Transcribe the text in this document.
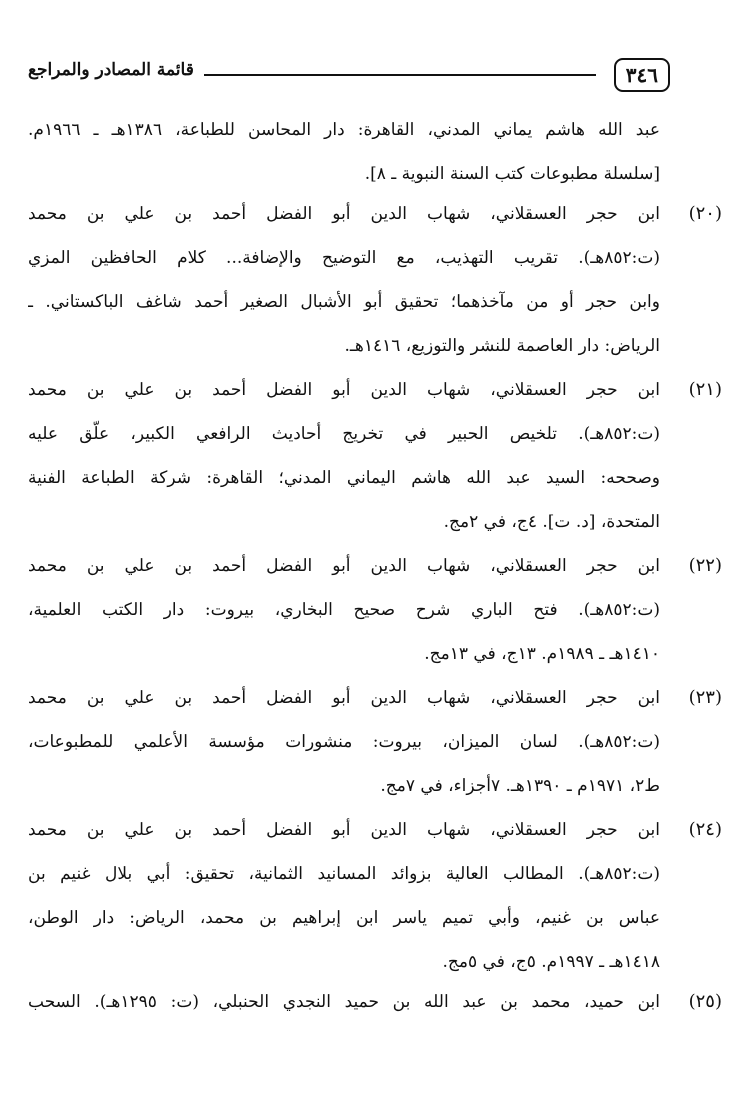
٣٤٦
قائمة المصادر والمراجع
عبد الله هاشم يماني المدني، القاهرة: دار المحاسن للطباعة، ١٣٨٦هـ ـ ١٩٦٦م.
[سلسلة مطبوعات كتب السنة النبوية ـ ٨].
(٢٠)
ابن حجر العسقلاني، شهاب الدين أبو الفضل أحمد بن علي بن محمد
(ت:٨٥٢هـ). تقريب التهذيب، مع التوضيح والإضافة... كلام الحافظين المزي
وابن حجر أو من مآخذهما؛ تحقيق أبو الأشبال الصغير أحمد شاغف الباكستاني. ـ
الرياض: دار العاصمة للنشر والتوزيع، ١٤١٦هـ.
(٢١)
ابن حجر العسقلاني، شهاب الدين أبو الفضل أحمد بن علي بن محمد
(ت:٨٥٢هـ). تلخيص الحبير في تخريج أحاديث الرافعي الكبير، علّق عليه
وصححه: السيد عبد الله هاشم اليماني المدني؛ القاهرة: شركة الطباعة الفنية
المتحدة، [د. ت]. ٤ج، في ٢مج.
(٢٢)
ابن حجر العسقلاني، شهاب الدين أبو الفضل أحمد بن علي بن محمد
(ت:٨٥٢هـ). فتح الباري شرح صحيح البخاري، بيروت: دار الكتب العلمية،
١٤١٠هـ ـ ١٩٨٩م. ١٣ج، في ١٣مج.
(٢٣)
ابن حجر العسقلاني، شهاب الدين أبو الفضل أحمد بن علي بن محمد
(ت:٨٥٢هـ). لسان الميزان، بيروت: منشورات مؤسسة الأعلمي للمطبوعات،
ط٢، ١٩٧١م ـ ١٣٩٠هـ. ٧أجزاء، في ٧مج.
(٢٤)
ابن حجر العسقلاني، شهاب الدين أبو الفضل أحمد بن علي بن محمد
(ت:٨٥٢هـ). المطالب العالية بزوائد المسانيد الثمانية، تحقيق: أبي بلال غنيم بن
عباس بن غنيم، وأبي تميم ياسر ابن إبراهيم بن محمد، الرياض: دار الوطن،
١٤١٨هـ ـ ١٩٩٧م. ٥ج، في ٥مج.
(٢٥)
ابن حميد، محمد بن عبد الله بن حميد النجدي الحنبلي، (ت: ١٢٩٥هـ). السحب
